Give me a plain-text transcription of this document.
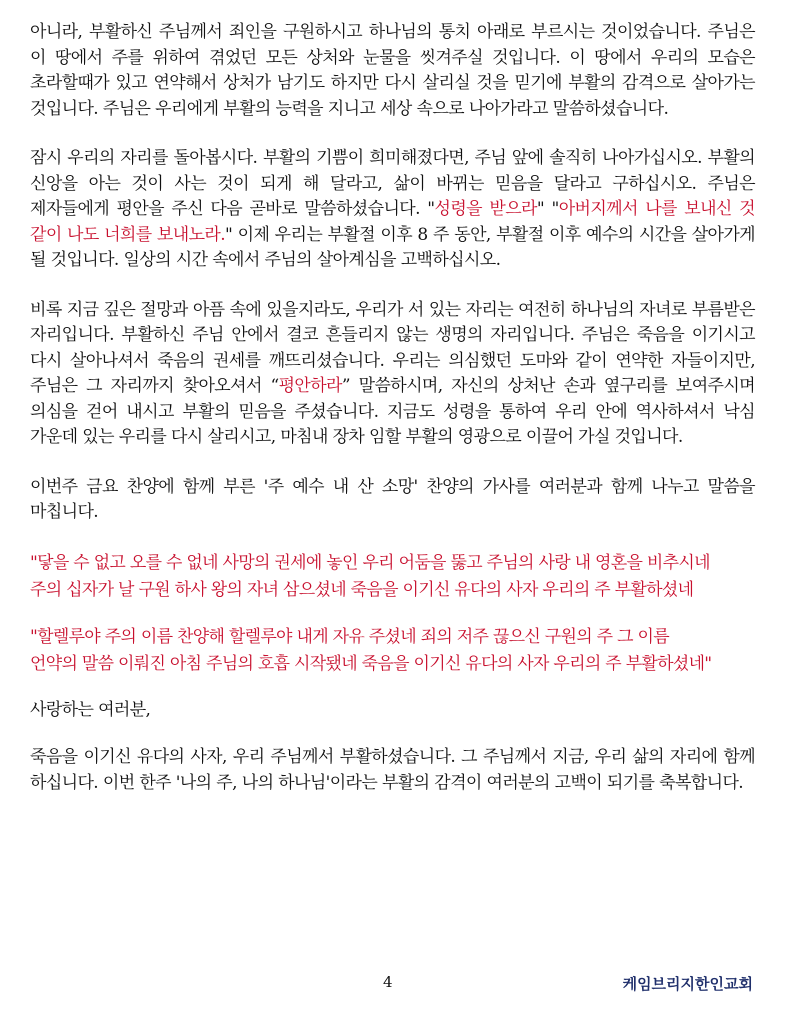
아니라, 부활하신 주님께서 죄인을 구원하시고 하나님의 통치 아래로 부르시는 것이었습니다. 주님은 이 땅에서 주를 위하여 겪었던 모든 상처와 눈물을 씻겨주실 것입니다. 이 땅에서 우리의 모습은 초라할때가 있고 연약해서 상처가 남기도 하지만 다시 살리실 것을 믿기에 부활의 감격으로 살아가는 것입니다. 주님은 우리에게 부활의 능력을 지니고 세상 속으로 나아가라고 말씀하셨습니다.

잠시 우리의 자리를 돌아봅시다. 부활의 기쁨이 희미해졌다면, 주님 앞에 솔직히 나아가십시오. 부활의 신앙을 아는 것이 사는 것이 되게 해 달라고, 삶이 바뀌는 믿음을 달라고 구하십시오. 주님은 제자들에게 평안을 주신 다음 곧바로 말씀하셨습니다. "성령을 받으라" "아버지께서 나를 보내신 것 같이 나도 너희를 보내노라." 이제 우리는 부활절 이후 8 주 동안, 부활절 이후 예수의 시간을 살아가게 될 것입니다. 일상의 시간 속에서 주님의 살아계심을 고백하십시오.

비록 지금 깊은 절망과 아픔 속에 있을지라도, 우리가 서 있는 자리는 여전히 하나님의 자녀로 부름받은 자리입니다. 부활하신 주님 안에서 결코 흔들리지 않는 생명의 자리입니다. 주님은 죽음을 이기시고 다시 살아나셔서 죽음의 권세를 깨뜨리셨습니다. 우리는 의심했던 도마와 같이 연약한 자들이지만, 주님은 그 자리까지 찾아오셔서 “평안하라” 말씀하시며, 자신의 상처난 손과 옆구리를 보여주시며 의심을 걷어 내시고 부활의 믿음을 주셨습니다. 지금도 성령을 통하여 우리 안에 역사하셔서 낙심 가운데 있는 우리를 다시 살리시고, 마침내 장차 임할 부활의 영광으로 이끌어 가실 것입니다.

이번주 금요 찬양에 함께 부른 '주 예수 내 산 소망' 찬양의 가사를 여러분과 함께 나누고 말씀을 마칩니다.

"닿을 수 없고 오를 수 없네 사망의 권세에 놓인 우리 어둠을 뚫고 주님의 사랑 내 영혼을 비추시네
주의 십자가 날 구원 하사 왕의 자녀 삼으셨네 죽음을 이기신 유다의 사자 우리의 주 부활하셨네
"할렐루야 주의 이름 찬양해 할렐루야 내게 자유 주셨네 죄의 저주 끊으신 구원의 주 그 이름
언약의 말씀 이뤄진 아침 주님의 호흡 시작됐네 죽음을 이기신 유다의 사자 우리의 주 부활하셨네"

사랑하는 여러분,

죽음을 이기신 유다의 사자, 우리 주님께서 부활하셨습니다. 그 주님께서 지금, 우리 삶의 자리에 함께 하십니다. 이번 한주 '나의 주, 나의 하나님'이라는 부활의 감격이 여러분의 고백이 되기를 축복합니다.

4	케임브리지한인교회
